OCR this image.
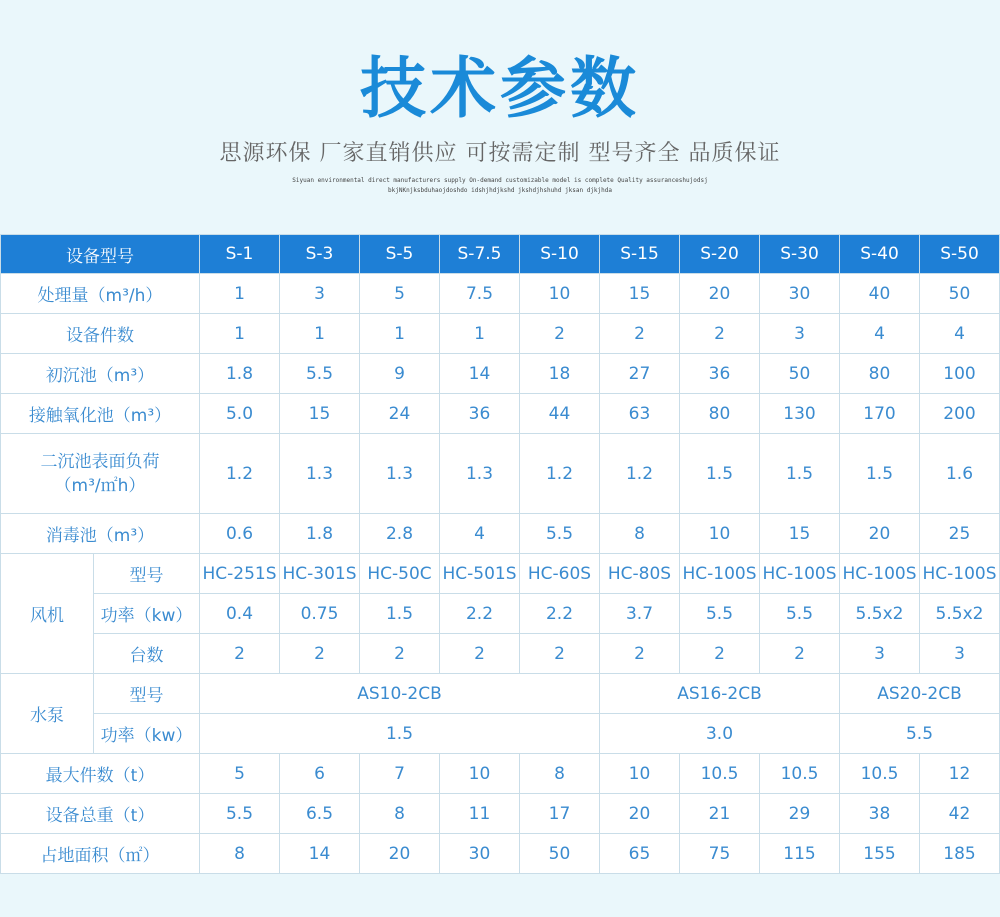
技术参数
思源环保 厂家直销供应 可按需定制 型号齐全 品质保证
Siyuan environmental direct manufacturers supply On-demand customizable model is complete Quality assuranceshujodsj
bkjNKnjksbduhaojdoshdo idshjhdjkshd jkshdjhshuhd jksan djkjhda
设备型号		S-1	S-3	S-5	S-7.5	S-10	S-15	S-20	S-30	S-40	S-50
处理量（m³/h）		1	3	5	7.5	10	15	20	30	40	50
设备件数		1	1	1	1	2	2	2	3	4	4
初沉池（m³）		1.8	5.5	9	14	18	27	36	50	80	100
接触氧化池（m³）		5.0	15	24	36	44	63	80	130	170	200

二沉池表面负荷
（m³/㎡h）		1.2	1.3	1.3	1.3	1.2	1.2	1.5	1.5	1.5	1.6
消毒池（m³）		0.6	1.8	2.8	4	5.5	8	10	15	20	25
风机	型号	HC-251S	HC-301S	HC-50C	HC-501S	HC-60S	HC-80S	HC-100S	HC-100S	HC-100S	HC-100S
	功率（kw）	0.4	0.75	1.5	2.2	2.2	3.7	5.5	5.5	5.5x2	5.5x2
	台数	2	2	2	2	2	2	2	2	3	3
水泵	型号	AS10-2CB					AS16-2CB			AS20-2CB	
	功率（kw）	1.5					3.0			5.5	
最大件数（t）		5	6	7	10	8	10	10.5	10.5	10.5	12
设备总重（t）		5.5	6.5	8	11	17	20	21	29	38	42
占地面积（㎡）		8	14	20	30	50	65	75	115	155	185
